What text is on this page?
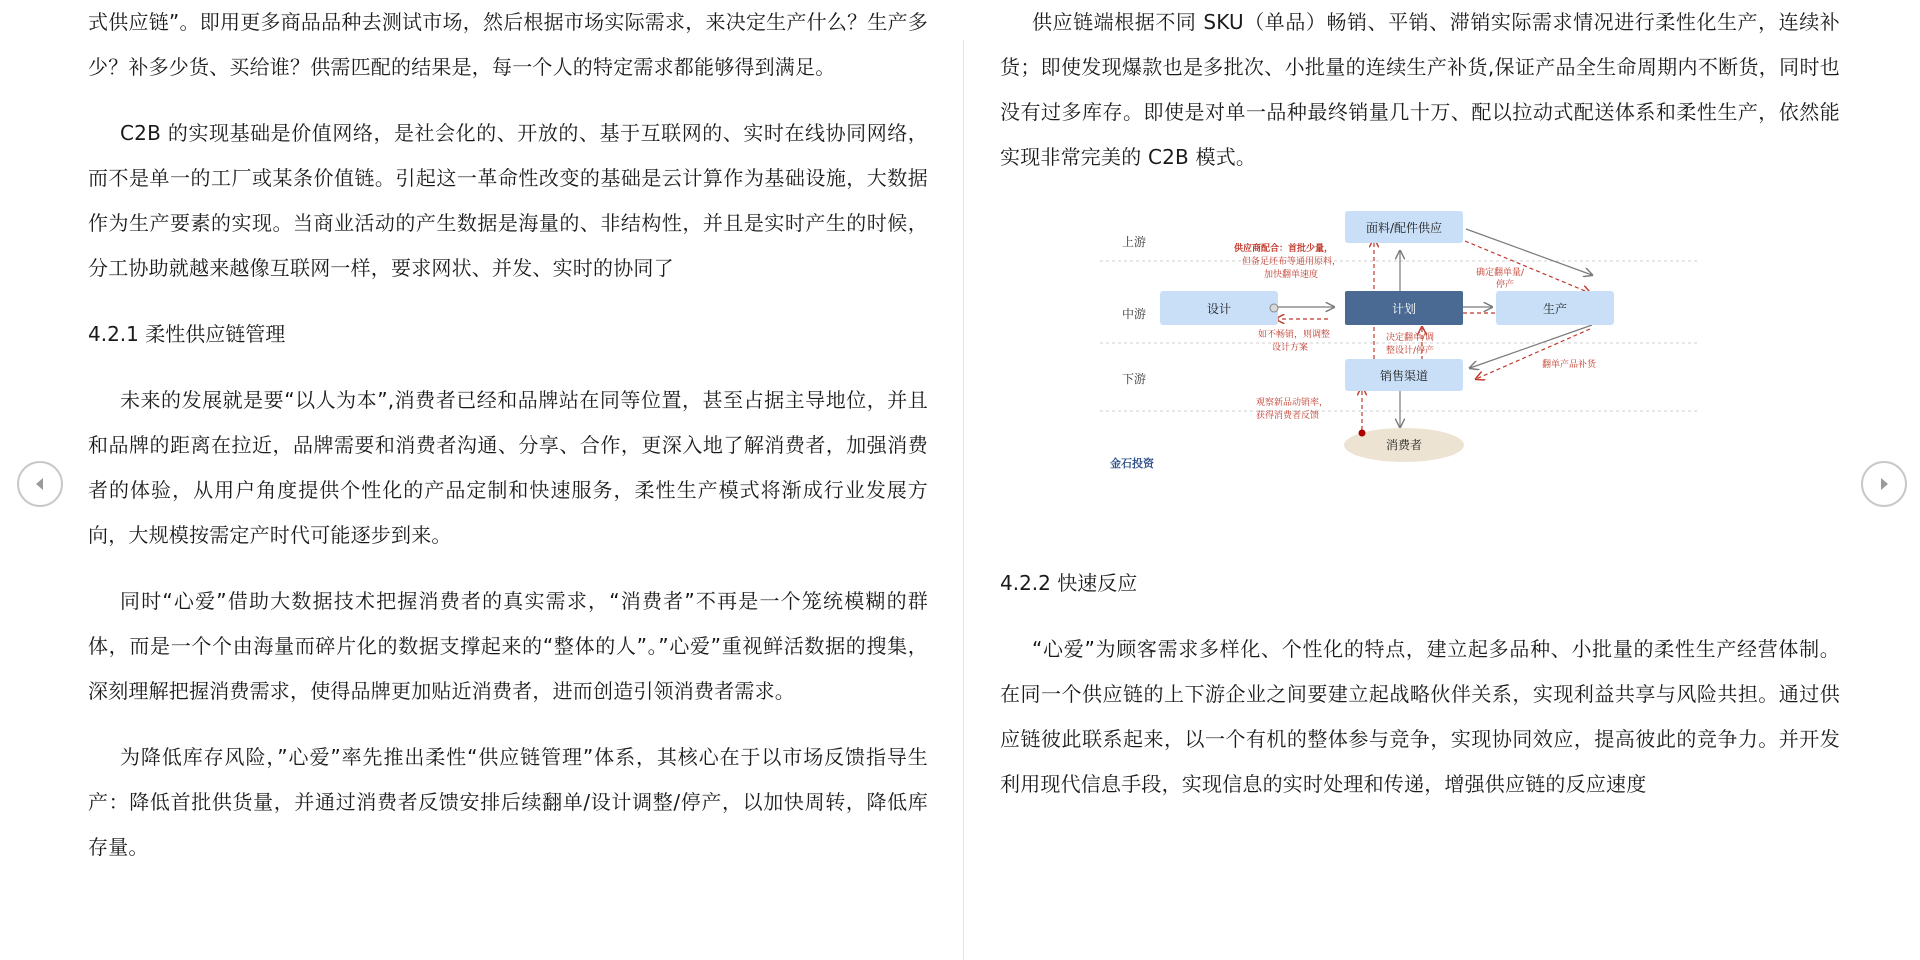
式供应链”。即用更多商品品种去测试市场，然后根据市场实际需求，来决定生产什么？生产多少？补多少货、买给谁？供需匹配的结果是，每一个人的特定需求都能够得到满足。

C2B 的实现基础是价值网络，是社会化的、开放的、基于互联网的、实时在线协同网络，而不是单一的工厂或某条价值链。引起这一革命性改变的基础是云计算作为基础设施，大数据作为生产要素的实现。当商业活动的产生数据是海量的、非结构性，并且是实时产生的时候，分工协助就越来越像互联网一样，要求网状、并发、实时的协同了

4.2.1 柔性供应链管理

未来的发展就是要“以人为本”,消费者已经和品牌站在同等位置，甚至占据主导地位，并且和品牌的距离在拉近，品牌需要和消费者沟通、分享、合作，更深入地了解消费者，加强消费者的体验，从用户角度提供个性化的产品定制和快速服务，柔性生产模式将渐成行业发展方向，大规模按需定产时代可能逐步到来。

同时“心爱”借助大数据技术把握消费者的真实需求，“消费者”不再是一个笼统模糊的群体，而是一个个由海量而碎片化的数据支撑起来的“整体的人”。”心爱”重视鲜活数据的搜集，深刻理解把握消费需求，使得品牌更加贴近消费者，进而创造引领消费者需求。

为降低库存风险，”心爱”率先推出柔性“供应链管理”体系，其核心在于以市场反馈指导生产：降低首批供货量，并通过消费者反馈安排后续翻单/设计调整/停产，以加快周转，降低库存量。

供应链端根据不同 SKU（单品）畅销、平销、滞销实际需求情况进行柔性化生产，连续补货；即使发现爆款也是多批次、小批量的连续生产补货,保证产品全生命周期内不断货，同时也没有过多库存。即使是对单一品种最终销量几十万、配以拉动式配送体系和柔性生产，依然能实现非常完美的 C2B 模式。

上游
中游
下游
面料/配件供应
设计	计划	生产
销售渠道
消费者
供应商配合：首批少量，
但备足坯布等通用原料，
加快翻单速度	确定翻单量/
停产
如不畅销，则调整
设计方案
决定翻单/调
整设计/停产
翻单产品补货
观察新品动销率，
获得消费者反馈
金石投资
4.2.2 快速反应

“心爱”为顾客需求多样化、个性化的特点，建立起多品种、小批量的柔性生产经营体制。在同一个供应链的上下游企业之间要建立起战略伙伴关系，实现利益共享与风险共担。通过供应链彼此联系起来，以一个有机的整体参与竞争，实现协同效应，提高彼此的竞争力。并开发利用现代信息手段，实现信息的实时处理和传递，增强供应链的反应速度
